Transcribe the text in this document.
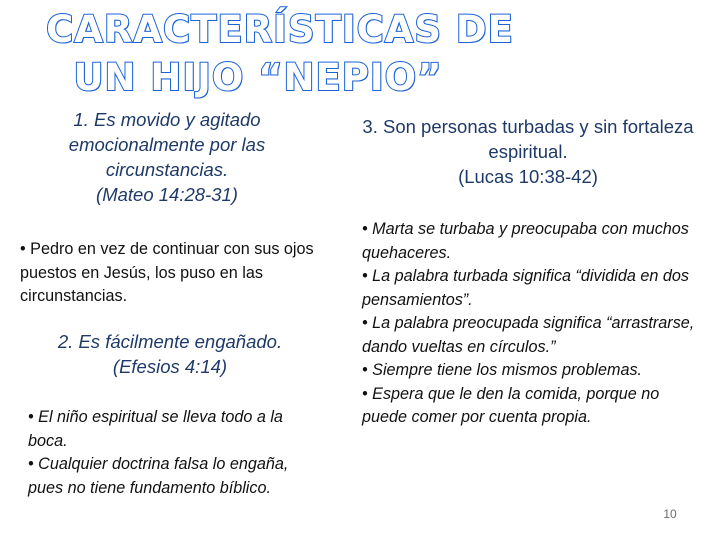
CARACTERÍSTICAS DE
UN HIJO “NEPIO”
1. Es movido y agitado emocionalmente por las circunstancias.
(Mateo 14:28-31)

• Pedro en vez de continuar con sus ojos puestos en Jesús, los puso en las circunstancias.

2. Es fácilmente engañado.
(Efesios 4:14)

• El niño espiritual se lleva todo a la boca.

• Cualquier doctrina falsa lo engaña, pues no tiene fundamento bíblico.

3. Son personas turbadas y sin fortaleza espiritual.
(Lucas 10:38-42)

• Marta se turbaba y preocupaba con muchos quehaceres.

• La palabra turbada significa “dividida en dos pensamientos”.

• La palabra preocupada significa “arrastrarse, dando vueltas en círculos.”

• Siempre tiene los mismos problemas.

• Espera que le den la comida, porque no puede comer por cuenta propia.

10
